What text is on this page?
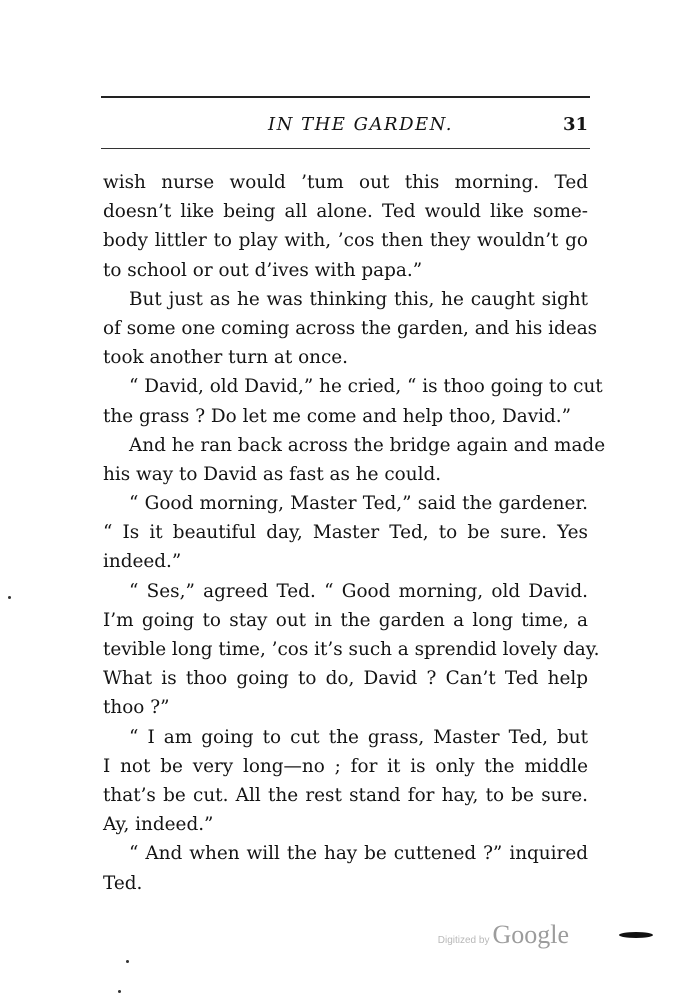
IN THE GARDEN.	31
wish nurse would ’tum out this morning. Ted
doesn’t like being all alone. Ted would like some-
body littler to play with, ’cos then they wouldn’t go
to school or out d’ives with papa.”
But just as he was thinking this, he caught sight
of some one coming across the garden, and his ideas
took another turn at once.
“ David, old David,” he cried, “ is thoo going to cut
the grass ? Do let me come and help thoo, David.”
And he ran back across the bridge again and made
his way to David as fast as he could.
“ Good morning, Master Ted,” said the gardener.
“ Is it beautiful day, Master Ted, to be sure. Yes
indeed.”
“ Ses,” agreed Ted. “ Good morning, old David.
I’m going to stay out in the garden a long time, a
tevible long time, ’cos it’s such a sprendid lovely day.
What is thoo going to do, David ? Can’t Ted help
thoo ?”
“ I am going to cut the grass, Master Ted, but
I not be very long—no ; for it is only the middle
that’s be cut. All the rest stand for hay, to be sure.
Ay, indeed.”
“ And when will the hay be cuttened ?” inquired
Ted.
Digitized by Google
